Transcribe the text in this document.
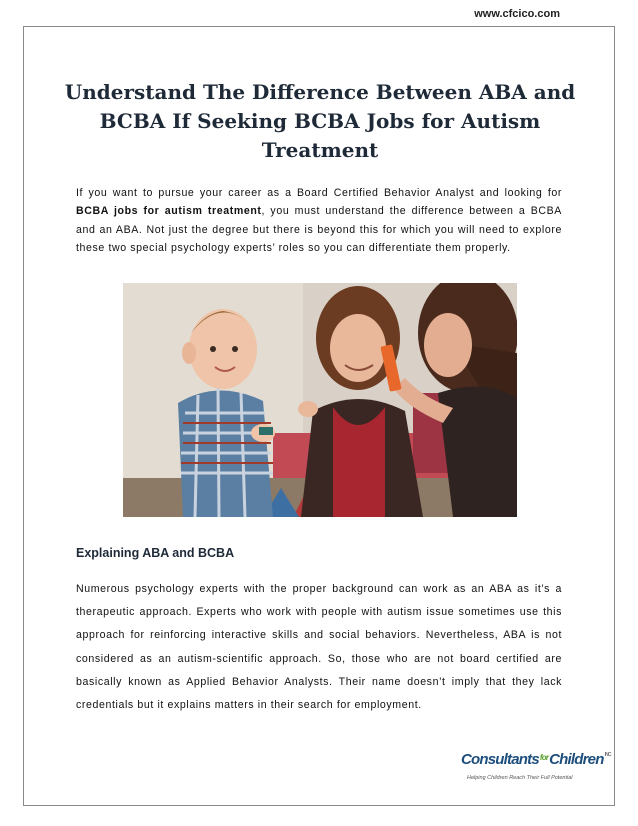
www.cfcico.com
Understand The Difference Between ABA and BCBA If Seeking BCBA Jobs for Autism Treatment

If you want to pursue your career as a Board Certified Behavior Analyst and looking for BCBA jobs for autism treatment, you must understand the difference between a BCBA and an ABA. Not just the degree but there is beyond this for which you will need to explore these two special psychology experts’ roles so you can differentiate them properly.

Explaining ABA and BCBA

Numerous psychology experts with the proper background can work as an ABA as it’s a therapeutic approach. Experts who work with people with autism issue sometimes use this approach for reinforcing interactive skills and social behaviors. Nevertheless, ABA is not considered as an autism-scientific approach. So, those who are not board certified are basically known as Applied Behavior Analysts. Their name doesn’t imply that they lack credentials but it explains matters in their search for employment.

Consultants$^{for}$Children$^{INC}$
Helping Children Reach Their Full Potential
